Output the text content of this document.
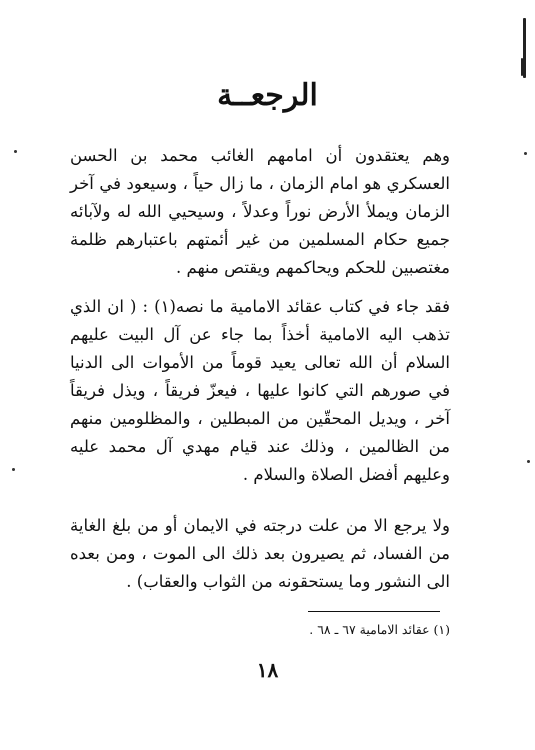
الرجعــة
وهم يعتقدون أن امامهم الغائب محمد بن الحسن العسكري هو امام الزمان ، ما زال حياً ، وسيعود في آخر الزمان ويملأ الأرض نوراً وعدلاً ، وسيحيي الله له ولآبائه جميع حكام المسلمين من غير أئمتهم باعتبارهم ظلمة مغتصبين للحكم ويحاكمهم ويقتص منهم .
فقد جاء في كتاب عقائد الامامية ما نصه(١) : ( ان الذي تذهب اليه الامامية أخذاً بما جاء عن آل البيت عليهم السلام أن الله تعالى يعيد قوماً من الأموات الى الدنيا في صورهم التي كانوا عليها ، فيعزّ فريقاً ، ويذل فريقاً آخر ، ويديل المحقّين من المبطلين ، والمظلومين منهم من الظالمين ، وذلك عند قيام مهدي آل محمد عليه وعليهم أفضل الصلاة والسلام .
ولا يرجع الا من علت درجته في الايمان أو من بلغ الغاية من الفساد، ثم يصيرون بعد ذلك الى الموت ، ومن بعده الى النشور وما يستحقونه من الثواب والعقاب) .
(١) عقائد الامامية ٦٧ ـ ٦٨ .
١٨
